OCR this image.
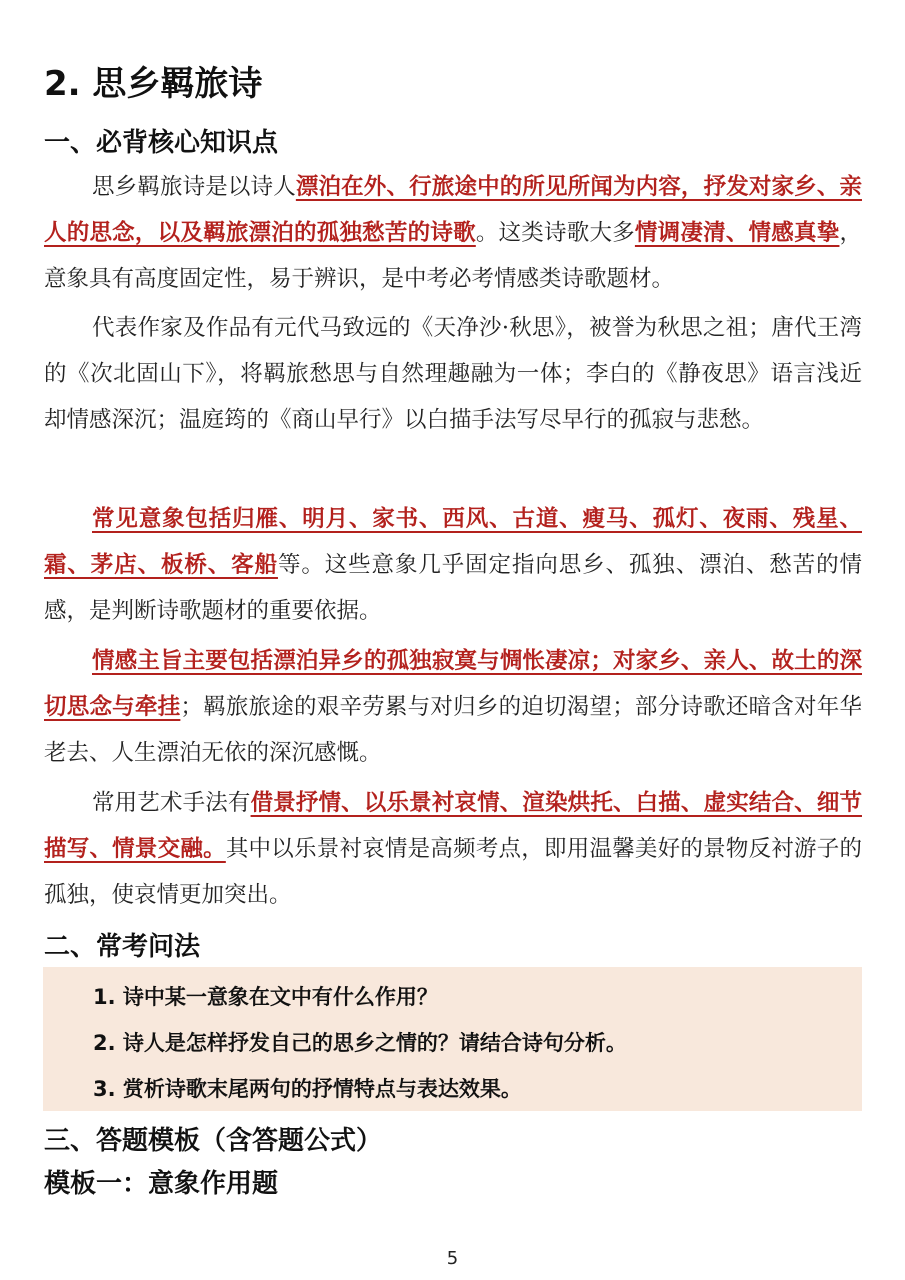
2. 思乡羁旅诗
一、必背核心知识点

思乡羁旅诗是以诗人漂泊在外、行旅途中的所见所闻为内容，抒发对家乡、亲人的思念，以及羁旅漂泊的孤独愁苦的诗歌。这类诗歌大多情调凄清、情感真挚，意象具有高度固定性，易于辨识，是中考必考情感类诗歌题材。

代表作家及作品有元代马致远的《天净沙·秋思》，被誉为秋思之祖；唐代王湾的《次北固山下》，将羁旅愁思与自然理趣融为一体；李白的《静夜思》语言浅近却情感深沉；温庭筠的《商山早行》以白描手法写尽早行的孤寂与悲愁。

常见意象包括归雁、明月、家书、西风、古道、瘦马、孤灯、夜雨、残星、霜、茅店、板桥、客船等。这些意象几乎固定指向思乡、孤独、漂泊、愁苦的情感，是判断诗歌题材的重要依据。

情感主旨主要包括漂泊异乡的孤独寂寞与惆怅凄凉；对家乡、亲人、故土的深切思念与牵挂；羁旅旅途的艰辛劳累与对归乡的迫切渴望；部分诗歌还暗含对年华老去、人生漂泊无依的深沉感慨。

常用艺术手法有借景抒情、以乐景衬哀情、渲染烘托、白描、虚实结合、细节描写、情景交融。其中以乐景衬哀情是高频考点，即用温馨美好的景物反衬游子的孤独，使哀情更加突出。

二、常考问法

1. 诗中某一意象在文中有什么作用？

2. 诗人是怎样抒发自己的思乡之情的？请结合诗句分析。

3. 赏析诗歌末尾两句的抒情特点与表达效果。

三、答题模板（含答题公式）
模板一：意象作用题
5
